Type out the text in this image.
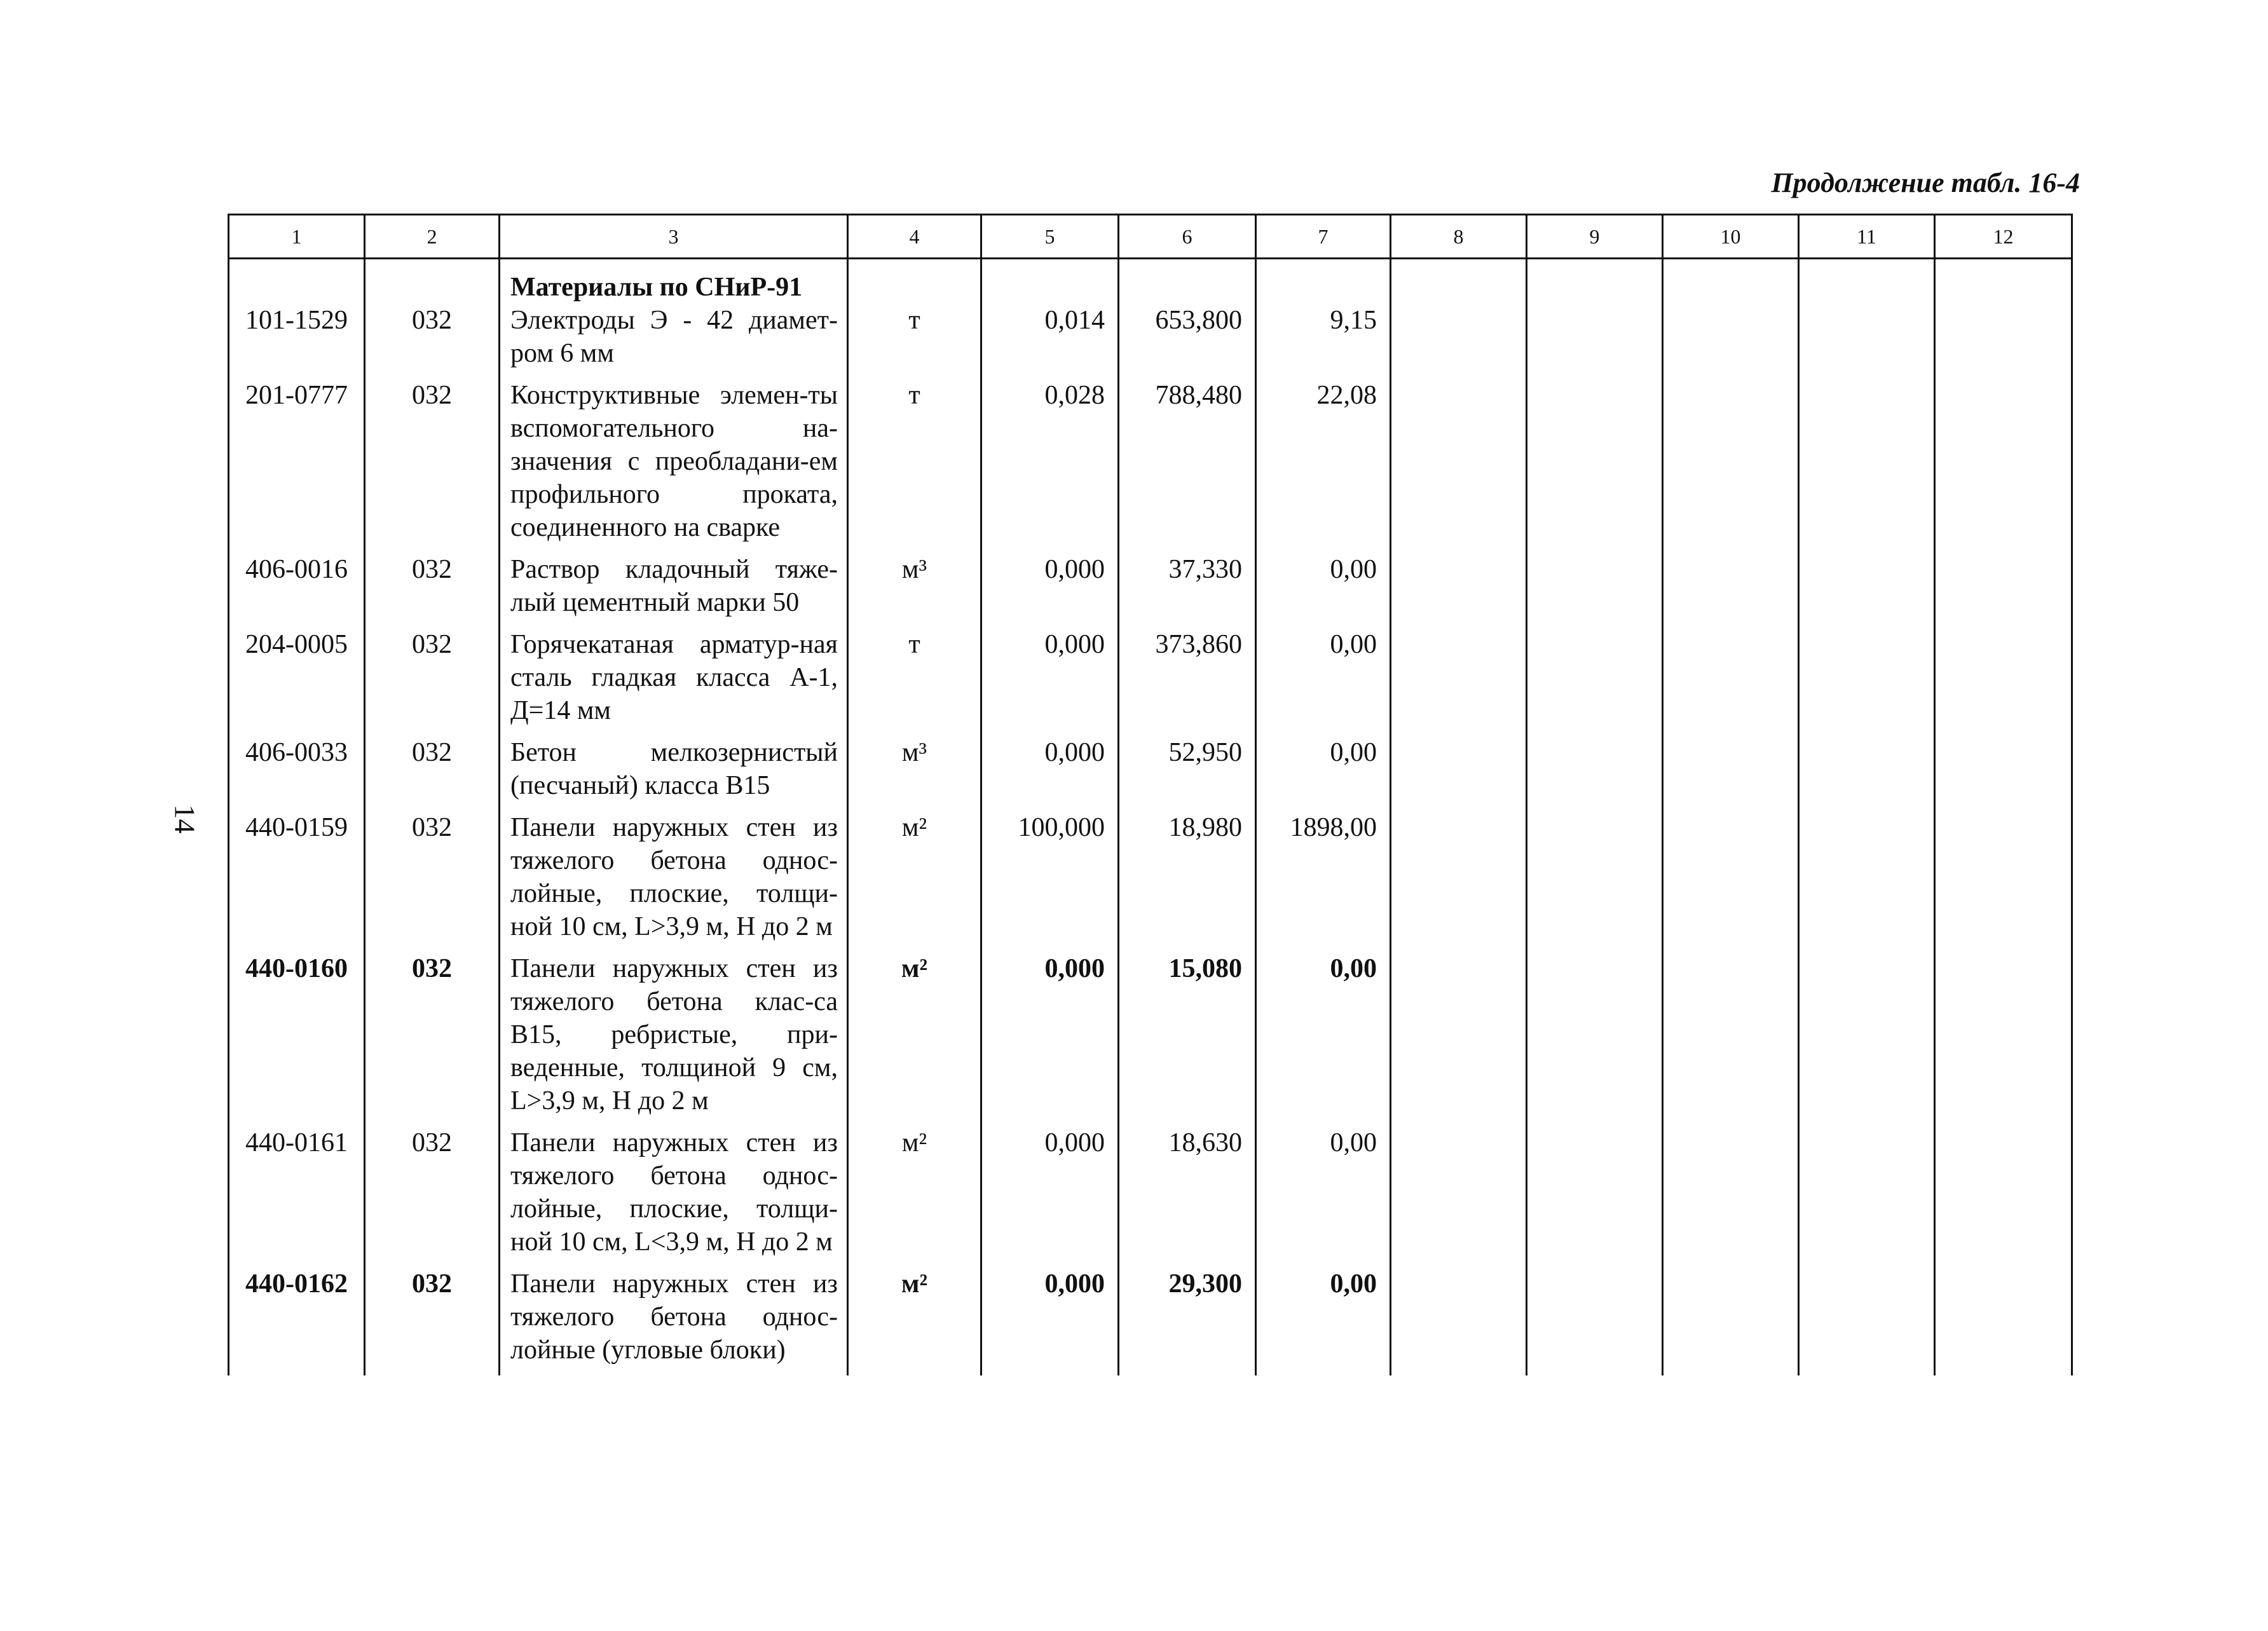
Продолжение табл. 16-4
14
1	2	3	4	5	6	7	8	9	10	11	12
		Материалы по СНиР-91									
101-1529	032	Электроды Э - 42 диамет-ром 6 мм	т	0,014	653,800	9,15					

201-0777	032	Конструктивные элемен-ты вспомогательного на-значения с преобладани-ем профильного проката, соединенного на сварке	т	0,028	788,480	22,08					

406-0016	032	Раствор кладочный тяже-лый цементный марки 50	м³	0,000	37,330	0,00					

204-0005	032	Горячекатаная арматур-ная сталь гладкая класса А-1, Д=14 мм	т	0,000	373,860	0,00					

406-0033	032	Бетон мелкозернистый (песчаный) класса В15	м³	0,000	52,950	0,00					

440-0159	032	Панели наружных стен из тяжелого бетона однос-лойные, плоские, толщи-ной 10 см, L>3,9 м, Н до 2 м	м²	100,000	18,980	1898,00					

440-0160	032	Панели наружных стен из тяжелого бетона клас-са В15, ребристые, при-веденные, толщиной 9 см, L>3,9 м, Н до 2 м	м²	0,000	15,080	0,00					

440-0161	032	Панели наружных стен из тяжелого бетона однос-лойные, плоские, толщи-ной 10 см, L<3,9 м, Н до 2 м	м²	0,000	18,630	0,00					

440-0162	032	Панели наружных стен из тяжелого бетона однос-лойные (угловые блоки)	м²	0,000	29,300	0,00					
